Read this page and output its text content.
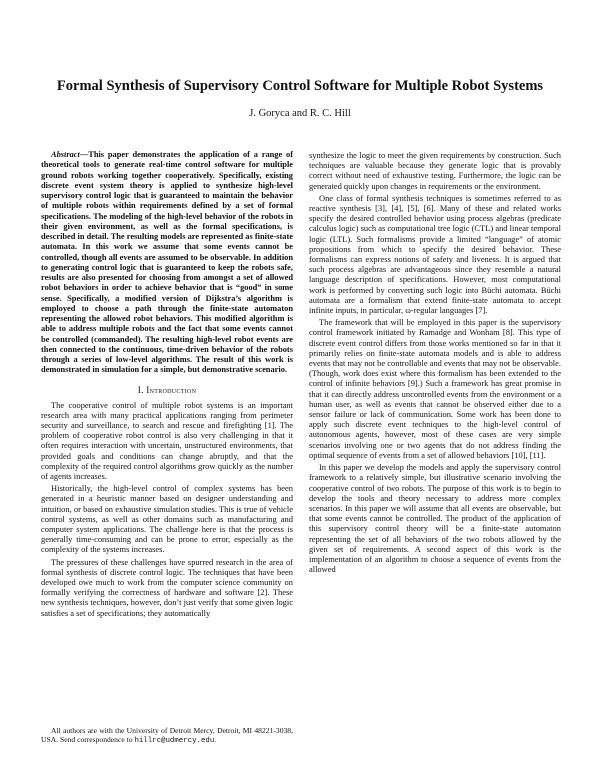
Formal Synthesis of Supervisory Control Software for Multiple Robot Systems

J. Goryca and R. C. Hill

Abstract—This paper demonstrates the application of a range of theoretical tools to generate real-time control software for multiple ground robots working together cooperatively. Specifically, existing discrete event system theory is applied to synthesize high-level supervisory control logic that is guaranteed to maintain the behavior of multiple robots within requirements defined by a set of formal specifications. The modeling of the high-level behavior of the robots in their given environment, as well as the formal specifications, is described in detail. The resulting models are represented as finite-state automata. In this work we assume that some events cannot be controlled, though all events are assumed to be observable. In addition to generating control logic that is guaranteed to keep the robots safe, results are also presented for choosing from amongst a set of allowed robot behaviors in order to achieve behavior that is “good” in some sense. Specifically, a modified version of Dijkstra’s algorithm is employed to choose a path through the finite-state automaton representing the allowed robot behaviors. This modified algorithm is able to address multiple robots and the fact that some events cannot be controlled (commanded). The resulting high-level robot events are then connected to the continuous, time-driven behavior of the robots through a series of low-level algorithms. The result of this work is demonstrated in simulation for a simple, but demonstrative scenario.

I. Introduction

The cooperative control of multiple robot systems is an important research area with many practical applications ranging from perimeter security and surveillance, to search and rescue and firefighting [1]. The problem of cooperative robot control is also very challenging in that it often requires interaction with uncertain, unstructured environments, that provided goals and conditions can change abruptly, and that the complexity of the required control algorithms grow quickly as the number of agents increases.

Historically, the high-level control of complex systems has been generated in a heuristic manner based on designer understanding and intuition, or based on exhaustive simulation studies. This is true of vehicle control systems, as well as other domains such as manufacturing and computer system applications. The challenge here is that the process is generally time-consuming and can be prone to error, especially as the complexity of the systems increases.

The pressures of these challenges have spurred research in the area of formal synthesis of discrete control logic. The techniques that have been developed owe much to work from the computer science community on formally verifying the correctness of hardware and software [2]. These new synthesis techniques, however, don’t just verify that some given logic satisfies a set of specifications; they automatically

All authors are with the University of Detroit Mercy, Detroit, MI 48221-3038, USA. Send correspondence to hillrc@udmercy.edu.

synthesize the logic to meet the given requirements by construction. Such techniques are valuable because they generate logic that is provably correct without need of exhaustive testing. Furthermore, the logic can be generated quickly upon changes in requirements or the environment.

One class of formal synthesis techniques is sometimes referred to as reactive synthesis [3], [4], [5], [6]. Many of these and related works specify the desired controlled behavior using process algebras (predicate calculus logic) such as computational tree logic (CTL) and linear temporal logic (LTL). Such formalisms provide a limited “language” of atomic propositions from which to specify the desired behavior. These formalisms can express notions of safety and liveness. It is argued that such process algebras are advantageous since they resemble a natural language description of specifications. However, most computational work is performed by converting such logic into Büchi automata. Büchi automata are a formalism that extend finite-state automata to accept infinite inputs, in particular, ω-regular languages [7].

The framework that will be employed in this paper is the supervisory control framework initiated by Ramadge and Wonham [8]. This type of discrete event control differs from those works mentioned so far in that it primarily relies on finite-state automata models and is able to address events that may not be controllable and events that may not be observable. (Though, work does exist where this formalism has been extended to the control of infinite behaviors [9].) Such a framework has great promise in that it can directly address uncontrolled events from the environment or a human user, as well as events that cannot be observed either due to a sensor failure or lack of communication. Some work has been done to apply such discrete event techniques to the high-level control of autonomous agents, however, most of these cases are very simple scenarios involving one or two agents that do not address finding the optimal sequence of events from a set of allowed behaviors [10], [11].

In this paper we develop the models and apply the supervisory control framework to a relatively simple, but illustrative scenario involving the cooperative control of two robots. The purpose of this work is to begin to develop the tools and theory necessary to address more complex scenarios. In this paper we will assume that all events are observable, but that some events cannot be controlled. The product of the application of this supervisory control theory will be a finite-state automaton representing the set of all behaviors of the two robots allowed by the given set of requirements. A second aspect of this work is the implementation of an algorithm to choose a sequence of events from the allowed
